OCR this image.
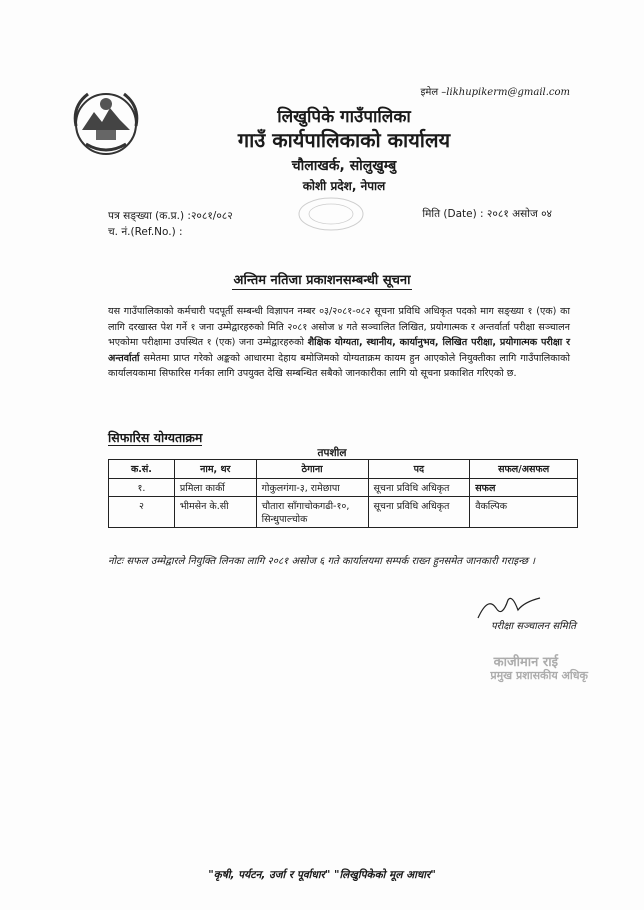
इमेल –likhupikerm@gmail.com
लिखुपिके गाउँपालिका
गाउँ कार्यपालिकाको कार्यालय
चौलाखर्क, सोलुखुम्बु
कोशी प्रदेश, नेपाल
पत्र सङ्ख्या (क.प्र.) :२०८१/०८२
च. नं.(Ref.No.) :
मिति (Date) : २०८१ असोज ०४
अन्तिम नतिजा प्रकाशनसम्बन्धी सूचना
यस गाउँपालिकाको कर्मचारी पदपूर्ती सम्बन्धी विज्ञापन नम्बर ०३/२०८१-०८२ सूचना प्रविधि अधिकृत पदको माग सङ्ख्या १ (एक) का लागि दरखास्त पेश गर्ने १ जना उम्मेद्वारहरुको मिति २०८१ असोज ४ गते सञ्चालित लिखित, प्रयोगात्मक र अन्तर्वार्ता परीक्षा सञ्चालन भएकोमा परीक्षामा उपस्थित १ (एक) जना उम्मेद्वारहरुको शैक्षिक योग्यता, स्थानीय, कार्यानुभव, लिखित परीक्षा, प्रयोगात्मक परीक्षा र अन्तर्वार्ता समेतमा प्राप्त गरेको अङ्कको आधारमा देहाय बमोजिमको योग्यताक्रम कायम हुन आएकोले नियुक्तीका लागि गाउँपालिकाको कार्यालयकामा सिफारिस गर्नका लागि उपयुक्त देखि सम्बन्धित सबैको जानकारीका लागि यो सूचना प्रकाशित गरिएको छ.
सिफारिस योग्यताक्रम
तपशील
क.सं.	नाम, थर	ठेगाना	पद	सफल/असफल
१.	प्रमिला कार्की	गोकुलगंगा-३, रामेछापा	सूचना प्रविधि अधिकृत	सफल
२	भीमसेन के.सी	चौतारा साँगाचोकगढी-१०, सिन्धुपाल्चोक	सूचना प्रविधि अधिकृत	वैकल्पिक
नोटः सफल उम्मेद्वारले नियुक्ति लिनका लागि २०८१ असोज ६ गते कार्यालयमा सम्पर्क राख्न हुनसमेत जानकारी गराइन्छ ।
परीक्षा सञ्चालन समिति
काजीमान राई
प्रमुख प्रशासकीय अधिकृ
"कृषी, पर्यटन, उर्जा र पूर्वाधार" "लिखुपिकेको मूल आधार"
